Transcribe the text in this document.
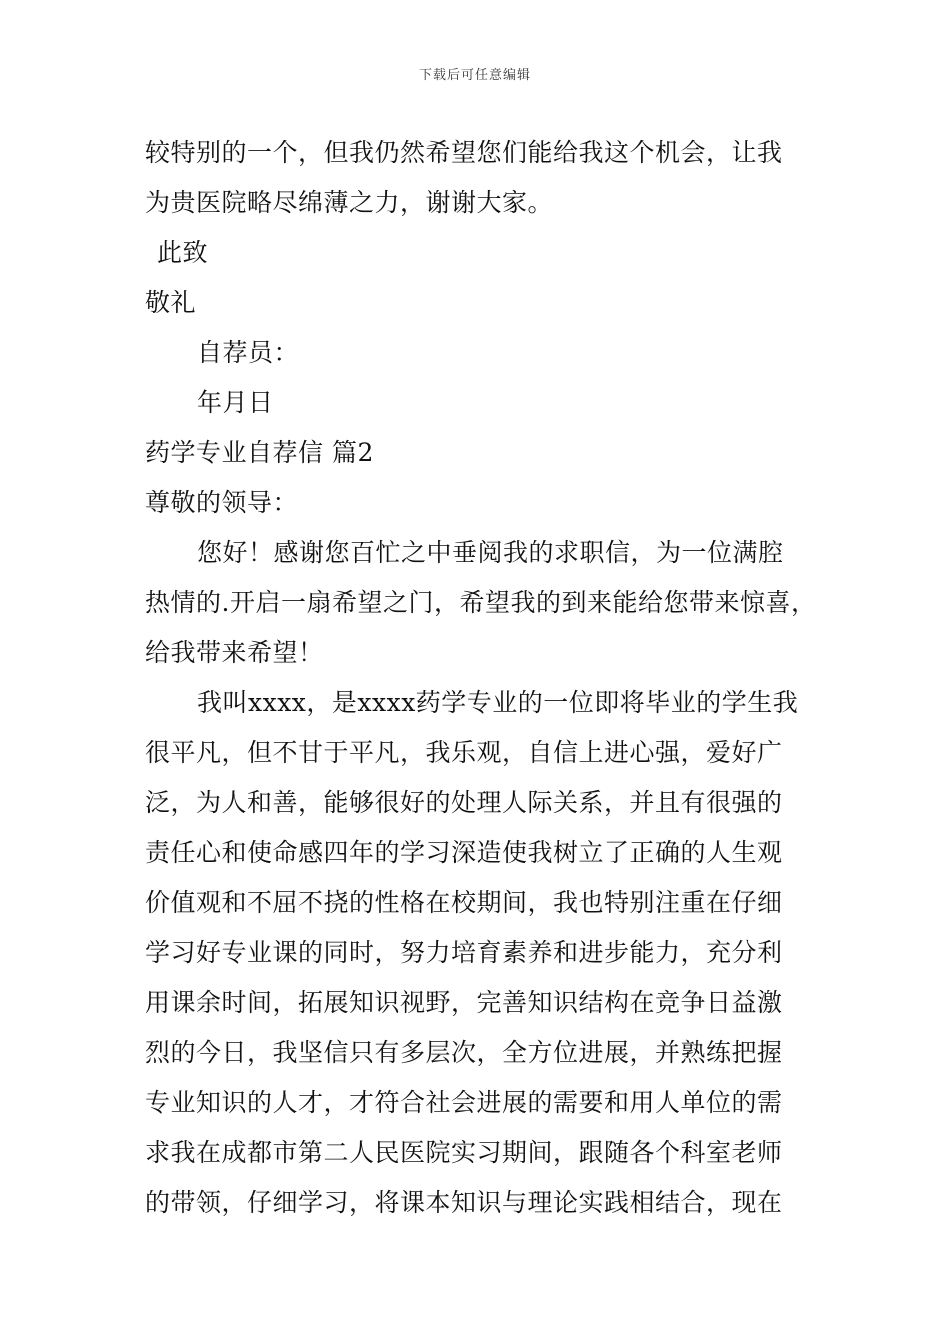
下载后可任意编辑
较特别的一个，但我仍然希望您们能给我这个机会，让我
为贵医院略尽绵薄之力，谢谢大家。
此致
敬礼
自荐员：
年月日
药学专业自荐信 篇2
尊敬的领导：
您好！感谢您百忙之中垂阅我的求职信，为一位满腔
热情的.开启一扇希望之门，希望我的到来能给您带来惊喜，
给我带来希望！
我叫xxxx，是xxxx药学专业的一位即将毕业的学生我
很平凡，但不甘于平凡，我乐观，自信上进心强，爱好广
泛，为人和善，能够很好的处理人际关系，并且有很强的
责任心和使命感四年的学习深造使我树立了正确的人生观
价值观和不屈不挠的性格在校期间，我也特别注重在仔细
学习好专业课的同时，努力培育素养和进步能力，充分利
用课余时间，拓展知识视野，完善知识结构在竞争日益激
烈的今日，我坚信只有多层次，全方位进展，并熟练把握
专业知识的人才，才符合社会进展的需要和用人单位的需
求我在成都市第二人民医院实习期间，跟随各个科室老师
的带领，仔细学习，将课本知识与理论实践相结合，现在
